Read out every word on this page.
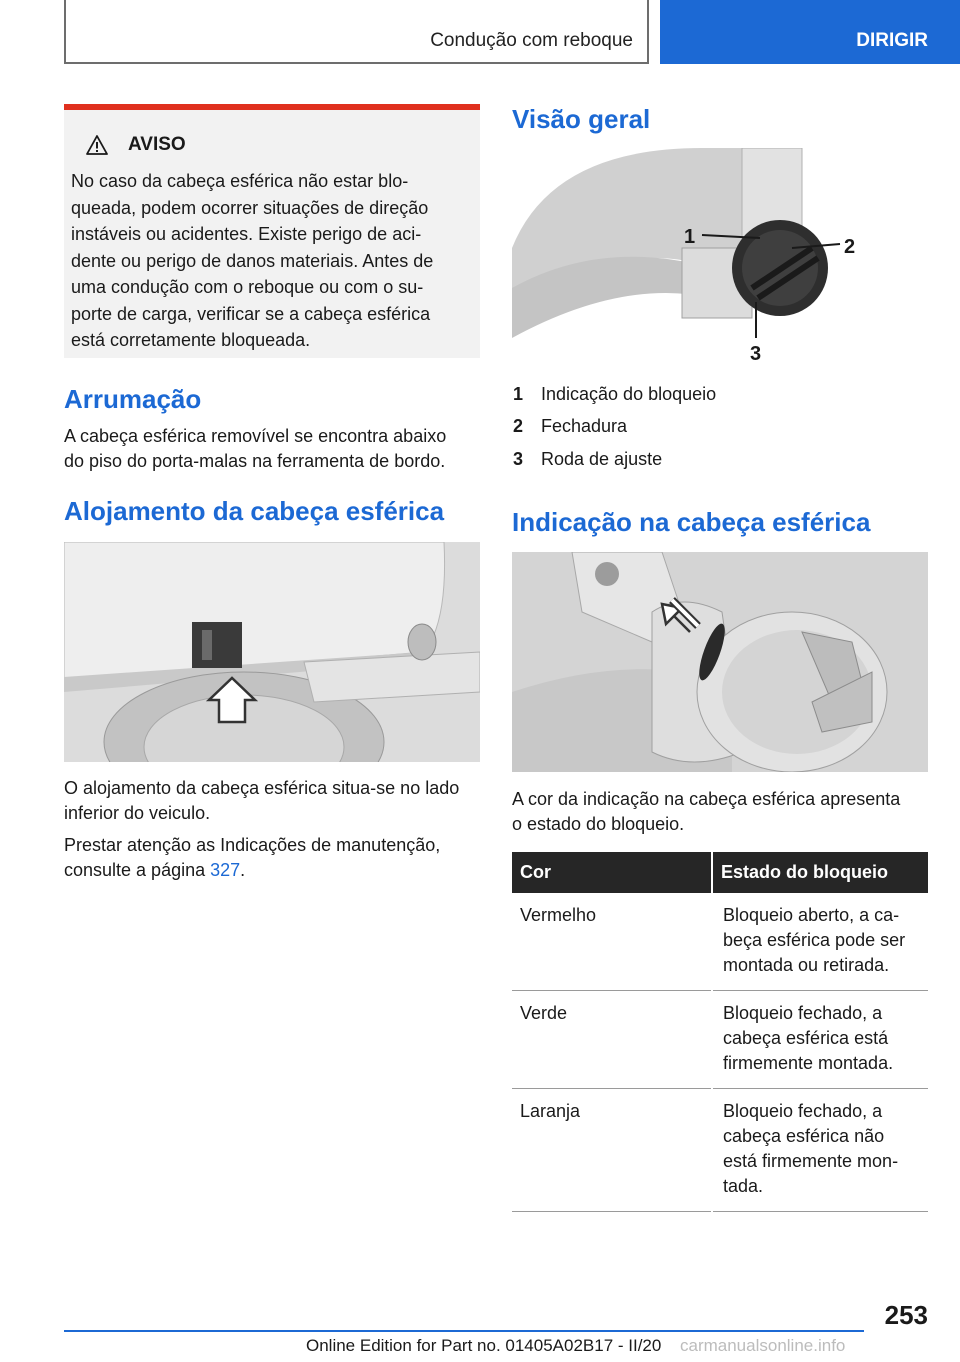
Condução com reboque	DIRIGIR
AVISO
No caso da cabeça esférica não estar blo-
queada, podem ocorrer situações de direção
instáveis ou acidentes. Existe perigo de aci-
dente ou perigo de danos materiais. Antes de
uma condução com o reboque ou com o su-
porte de carga, verificar se a cabeça esférica
está corretamente bloqueada.
Arrumação
A cabeça esférica removível se encontra abaixo
do piso do porta-malas na ferramenta de bordo.
Alojamento da cabeça esférica
O alojamento da cabeça esférica situa-se no lado
inferior do veiculo.
Prestar atenção as Indicações de manutenção,
consulte a página 327.
Visão geral
1	2
3
1 Indicação do bloqueio
2 Fechadura
3 Roda de ajuste
Indicação na cabeça esférica
A cor da indicação na cabeça esférica apresenta
o estado do bloqueio.
Cor	Estado do bloqueio
Vermelho	Bloqueio aberto, a ca-
beça esférica pode ser
montada ou retirada.

Verde	Bloqueio fechado, a
cabeça esférica está
firmemente montada.

Laranja	Bloqueio fechado, a
cabeça esférica não
está firmemente mon-
tada.
253
Online Edition for Part no. 01405A02B17 - II/20 carmanualsonline.info
